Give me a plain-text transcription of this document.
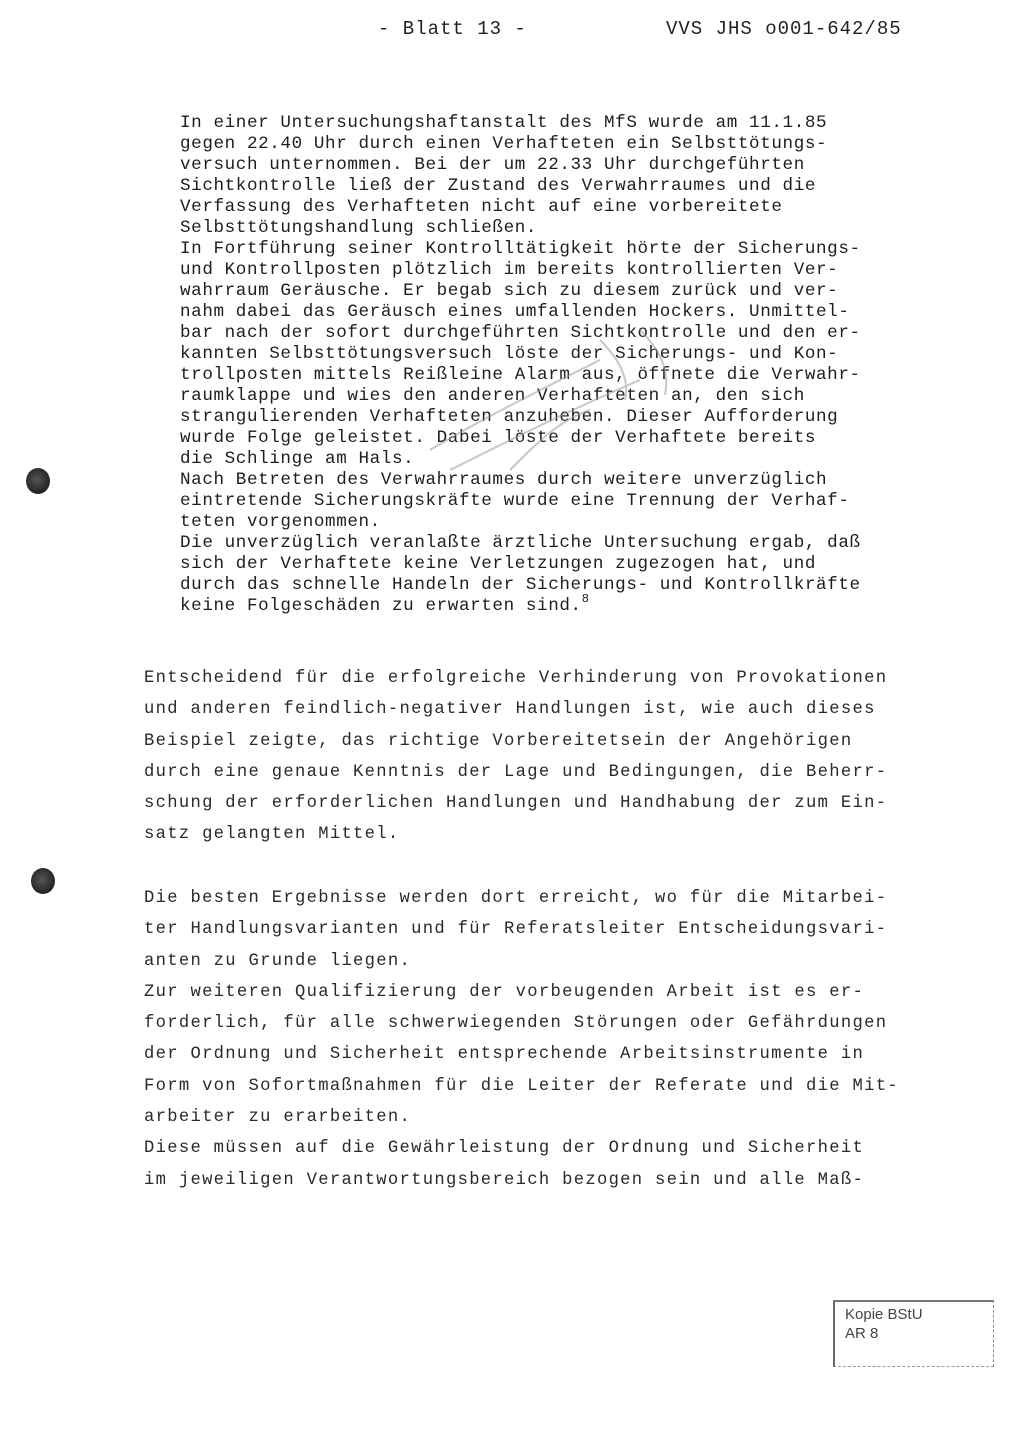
- Blatt 13 -	VVS JHS o001-642/85
In einer Untersuchungshaftanstalt des MfS wurde am 11.1.85
gegen 22.40 Uhr durch einen Verhafteten ein Selbsttötungs-
versuch unternommen. Bei der um 22.33 Uhr durchgeführten
Sichtkontrolle ließ der Zustand des Verwahrraumes und die
Verfassung des Verhafteten nicht auf eine vorbereitete
Selbsttötungshandlung schließen.
In Fortführung seiner Kontrolltätigkeit hörte der Sicherungs-
und Kontrollposten plötzlich im bereits kontrollierten Ver-
wahrraum Geräusche. Er begab sich zu diesem zurück und ver-
nahm dabei das Geräusch eines umfallenden Hockers. Unmittel-
bar nach der sofort durchgeführten Sichtkontrolle und den er-
kannten Selbsttötungsversuch löste der Sicherungs- und Kon-
trollposten mittels Reißleine Alarm aus, öffnete die Verwahr-
raumklappe und wies den anderen Verhafteten an, den sich
strangulierenden Verhafteten anzuheben. Dieser Aufforderung
wurde Folge geleistet. Dabei löste der Verhaftete bereits
die Schlinge am Hals.
Nach Betreten des Verwahrraumes durch weitere unverzüglich
eintretende Sicherungskräfte wurde eine Trennung der Verhaf-
teten vorgenommen.
Die unverzüglich veranlaßte ärztliche Untersuchung ergab, daß
sich der Verhaftete keine Verletzungen zugezogen hat, und
durch das schnelle Handeln der Sicherungs- und Kontrollkräfte
keine Folgeschäden zu erwarten sind.$^8$
Entscheidend für die erfolgreiche Verhinderung von Provokationen
und anderen feindlich-negativer Handlungen ist, wie auch dieses
Beispiel zeigte, das richtige Vorbereitetsein der Angehörigen
durch eine genaue Kenntnis der Lage und Bedingungen, die Beherr-
schung der erforderlichen Handlungen und Handhabung der zum Ein-
satz gelangten Mittel.
Die besten Ergebnisse werden dort erreicht, wo für die Mitarbei-
ter Handlungsvarianten und für Referatsleiter Entscheidungsvari-
anten zu Grunde liegen.
Zur weiteren Qualifizierung der vorbeugenden Arbeit ist es er-
forderlich, für alle schwerwiegenden Störungen oder Gefährdungen
der Ordnung und Sicherheit entsprechende Arbeitsinstrumente in
Form von Sofortmaßnahmen für die Leiter der Referate und die Mit-
arbeiter zu erarbeiten.
Diese müssen auf die Gewährleistung der Ordnung und Sicherheit
im jeweiligen Verantwortungsbereich bezogen sein und alle Maß-
Kopie BStU
AR 8
